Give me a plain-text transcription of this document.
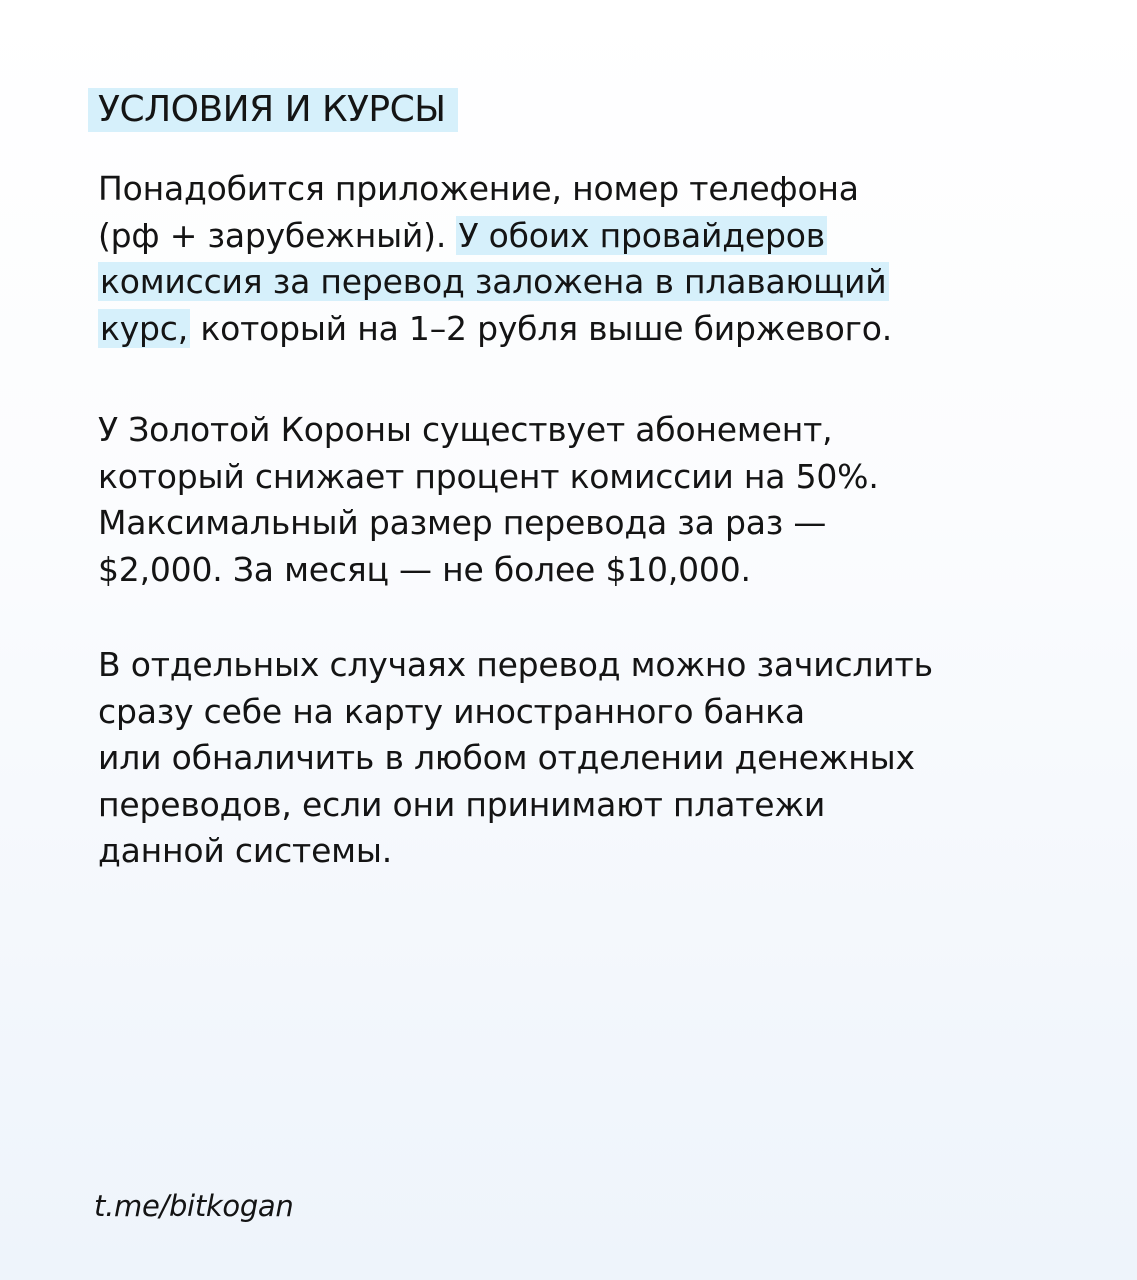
УСЛОВИЯ И КУРСЫ

Понадобится приложение, номер телефона
(рф + зарубежный). У обоих провайдеров
комиссия за перевод заложена в плавающий
курс, который на 1–2 рубля выше биржевого.

У Золотой Короны существует абонемент,
который снижает процент комиссии на 50%.
Максимальный размер перевода за раз —
$2,000. За месяц — не более $10,000.

В отдельных случаях перевод можно зачислить
сразу себе на карту иностранного банка
или обналичить в любом отделении денежных
переводов, если они принимают платежи
данной системы.

t.me/bitkogan
